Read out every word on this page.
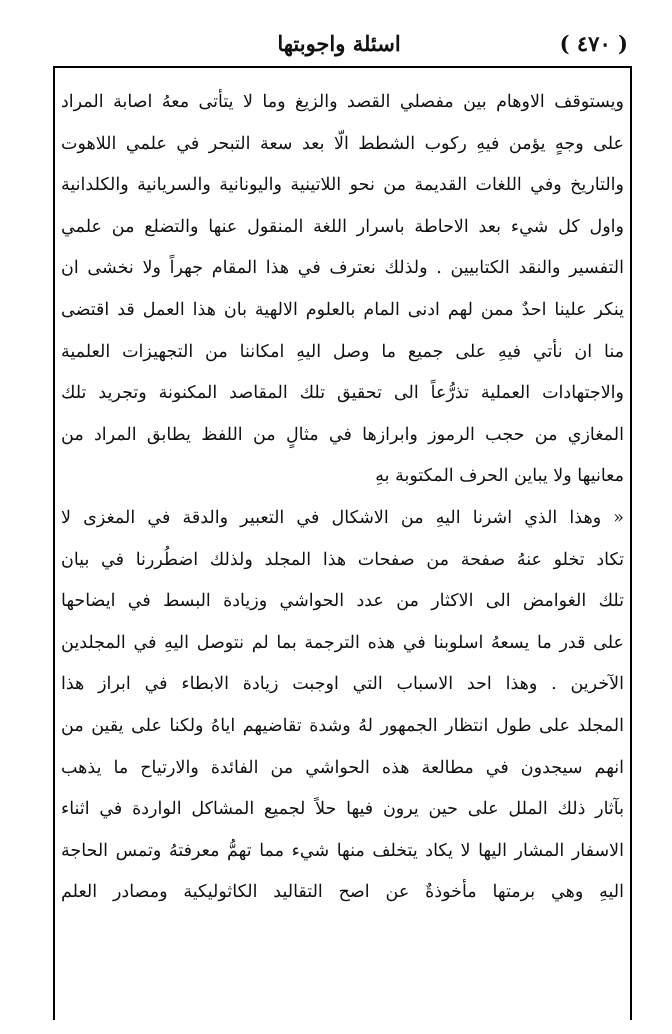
( ٤٧٠ )
اسئلة واجوبتها
ويستوقف الاوهام بين مفصلي القصد والزيغ وما لا يتأتى معهُ اصابة المراد
على وجهٍ يؤمن فيهِ ركوب الشطط الّا بعد سعة التبحر في علمي اللاهوت
والتاريخ وفي اللغات القديمة من نحو اللاتينية واليونانية والسريانية والكلدانية
واول كل شيء بعد الاحاطة باسرار اللغة المنقول عنها والتضلع من علمي
التفسير والنقد الكتابيين . ولذلك نعترف في هذا المقام جهراً ولا نخشى ان
ينكر علينا احدٌ ممن لهم ادنى المام بالعلوم الالهية بان هذا العمل قد اقتضى
منا ان نأتي فيهِ على جميع ما وصل اليهِ امكاننا من التجهيزات العلمية
والاجتهادات العملية تذرُّعاً الى تحقيق تلك المقاصد المكنونة وتجريد تلك
المغازي من حجب الرموز وابرازها في مثالٍ من اللفظ يطابق المراد من
معانيها ولا يباين الحرف المكتوبة بهِ
« وهذا الذي اشرنا اليهِ من الاشكال في التعبير والدقة في المغزى لا
تكاد تخلو عنهُ صفحة من صفحات هذا المجلد ولذلك اضطُررنا في بيان
تلك الغوامض الى الاكثار من عدد الحواشي وزيادة البسط في ايضاحها
على قدر ما يسعهُ اسلوبنا في هذه الترجمة بما لم نتوصل اليهِ في المجلدين
الآخرين . وهذا احد الاسباب التي اوجبت زيادة الابطاء في ابراز هذا
المجلد على طول انتظار الجمهور لهُ وشدة تقاضيهم اياهُ ولكنا على يقين من
انهم سيجدون في مطالعة هذه الحواشي من الفائدة والارتياح ما يذهب
بآثار ذلك الملل على حين يرون فيها حلاً لجميع المشاكل الواردة في اثناء
الاسفار المشار اليها لا يكاد يتخلف منها شيء مما تهمُّ معرفتهُ وتمس الحاجة
اليهِ وهي برمتها مأخوذةٌ عن اصح التقاليد الكاثوليكية ومصادر العلم
